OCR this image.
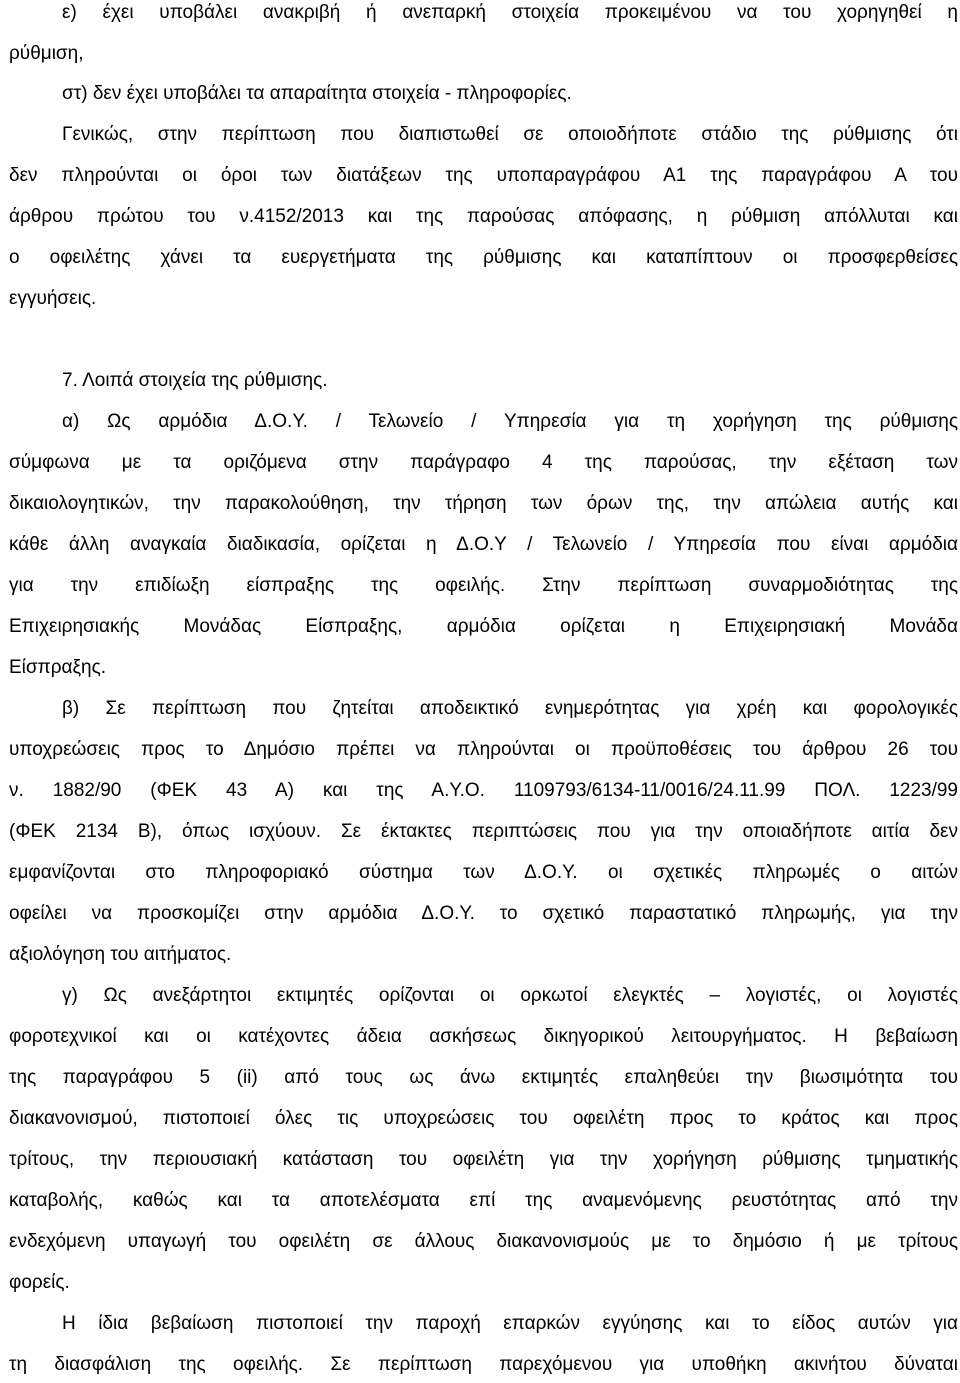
ε) έχει υποβάλει ανακριβή ή ανεπαρκή στοιχεία προκειμένου να του χορηγηθεί η
ρύθμιση,
στ) δεν έχει υποβάλει τα απαραίτητα στοιχεία - πληροφορίες.
Γενικώς, στην περίπτωση που διαπιστωθεί σε οποιοδήποτε στάδιο της ρύθμισης ότι
δεν πληρούνται οι όροι των διατάξεων της υποπαραγράφου Α1 της παραγράφου Α του
άρθρου πρώτου του ν.4152/2013 και της παρούσας απόφασης, η ρύθμιση απόλλυται και
ο οφειλέτης χάνει τα ευεργετήματα της ρύθμισης και καταπίπτουν οι προσφερθείσες
εγγυήσεις.
7. Λοιπά στοιχεία της ρύθμισης.
α) Ως αρμόδια Δ.Ο.Υ. / Τελωνείο / Υπηρεσία για τη χορήγηση της ρύθμισης
σύμφωνα με τα οριζόμενα στην παράγραφο 4 της παρούσας, την εξέταση των
δικαιολογητικών, την παρακολούθηση, την τήρηση των όρων της, την απώλεια αυτής και
κάθε άλλη αναγκαία διαδικασία, ορίζεται η Δ.Ο.Υ / Τελωνείο / Υπηρεσία που είναι αρμόδια
για την επιδίωξη είσπραξης της οφειλής. Στην περίπτωση συναρμοδιότητας της
Επιχειρησιακής Μονάδας Είσπραξης, αρμόδια ορίζεται η Επιχειρησιακή Μονάδα
Είσπραξης.
β) Σε περίπτωση που ζητείται αποδεικτικό ενημερότητας για χρέη και φορολογικές
υποχρεώσεις προς το Δημόσιο πρέπει να πληρούνται οι προϋποθέσεις του άρθρου 26 του
ν. 1882/90 (ΦΕΚ 43 Α) και της Α.Υ.Ο. 1109793/6134-11/0016/24.11.99 ΠΟΛ. 1223/99
(ΦΕΚ 2134 Β), όπως ισχύουν. Σε έκτακτες περιπτώσεις που για την οποιαδήποτε αιτία δεν
εμφανίζονται στο πληροφοριακό σύστημα των Δ.Ο.Υ. οι σχετικές πληρωμές ο αιτών
οφείλει να προσκομίζει στην αρμόδια Δ.Ο.Υ. το σχετικό παραστατικό πληρωμής, για την
αξιολόγηση του αιτήματος.
γ) Ως ανεξάρτητοι εκτιμητές ορίζονται οι ορκωτοί ελεγκτές – λογιστές, οι λογιστές
φοροτεχνικοί και οι κατέχοντες άδεια ασκήσεως δικηγορικού λειτουργήματος. Η βεβαίωση
της παραγράφου 5 (ii) από τους ως άνω εκτιμητές επαληθεύει την βιωσιμότητα του
διακανονισμού, πιστοποιεί όλες τις υποχρεώσεις του οφειλέτη προς το κράτος και προς
τρίτους, την περιουσιακή κατάσταση του οφειλέτη για την χορήγηση ρύθμισης τμηματικής
καταβολής, καθώς και τα αποτελέσματα επί της αναμενόμενης ρευστότητας από την
ενδεχόμενη υπαγωγή του οφειλέτη σε άλλους διακανονισμούς με το δημόσιο ή με τρίτους
φορείς.
Η ίδια βεβαίωση πιστοποιεί την παροχή επαρκών εγγύησης και το είδος αυτών για
τη διασφάλιση της οφειλής. Σε περίπτωση παρεχόμενου για υποθήκη ακινήτου δύναται
